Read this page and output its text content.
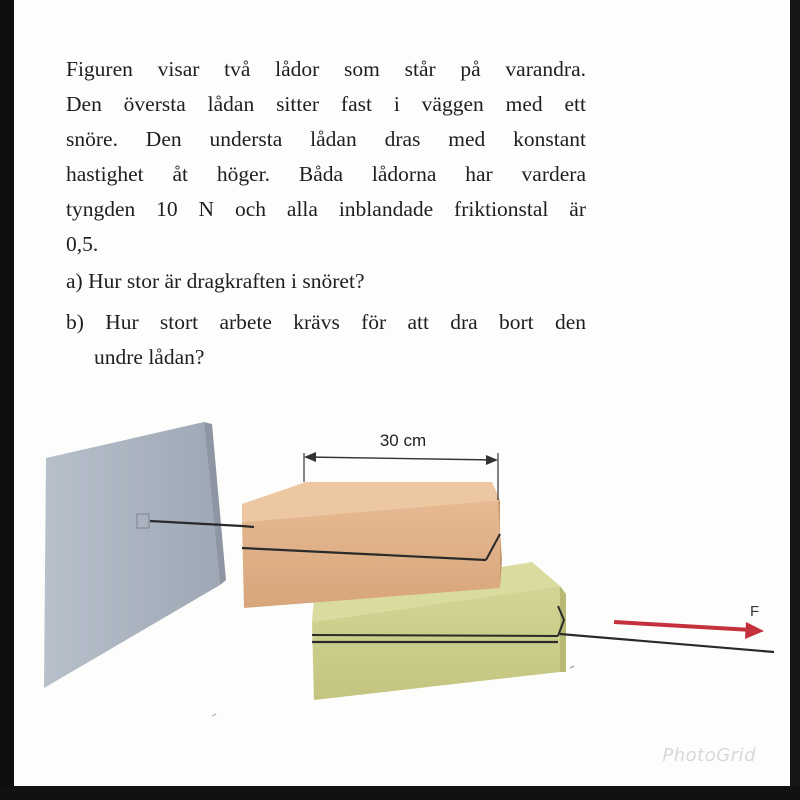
Figuren visar två lådor som står på varandra.
Den översta lådan sitter fast i väggen med ett
snöre. Den understa lådan dras med konstant
hastighet åt höger. Båda lådorna har vardera
tyngden 10 N och alla inblandade friktionstal är
0,5.
a) Hur stor är dragkraften i snöret?
b) Hur stort arbete krävs för att dra bort den
undre lådan?
30 cm
F
PhotoGrid
